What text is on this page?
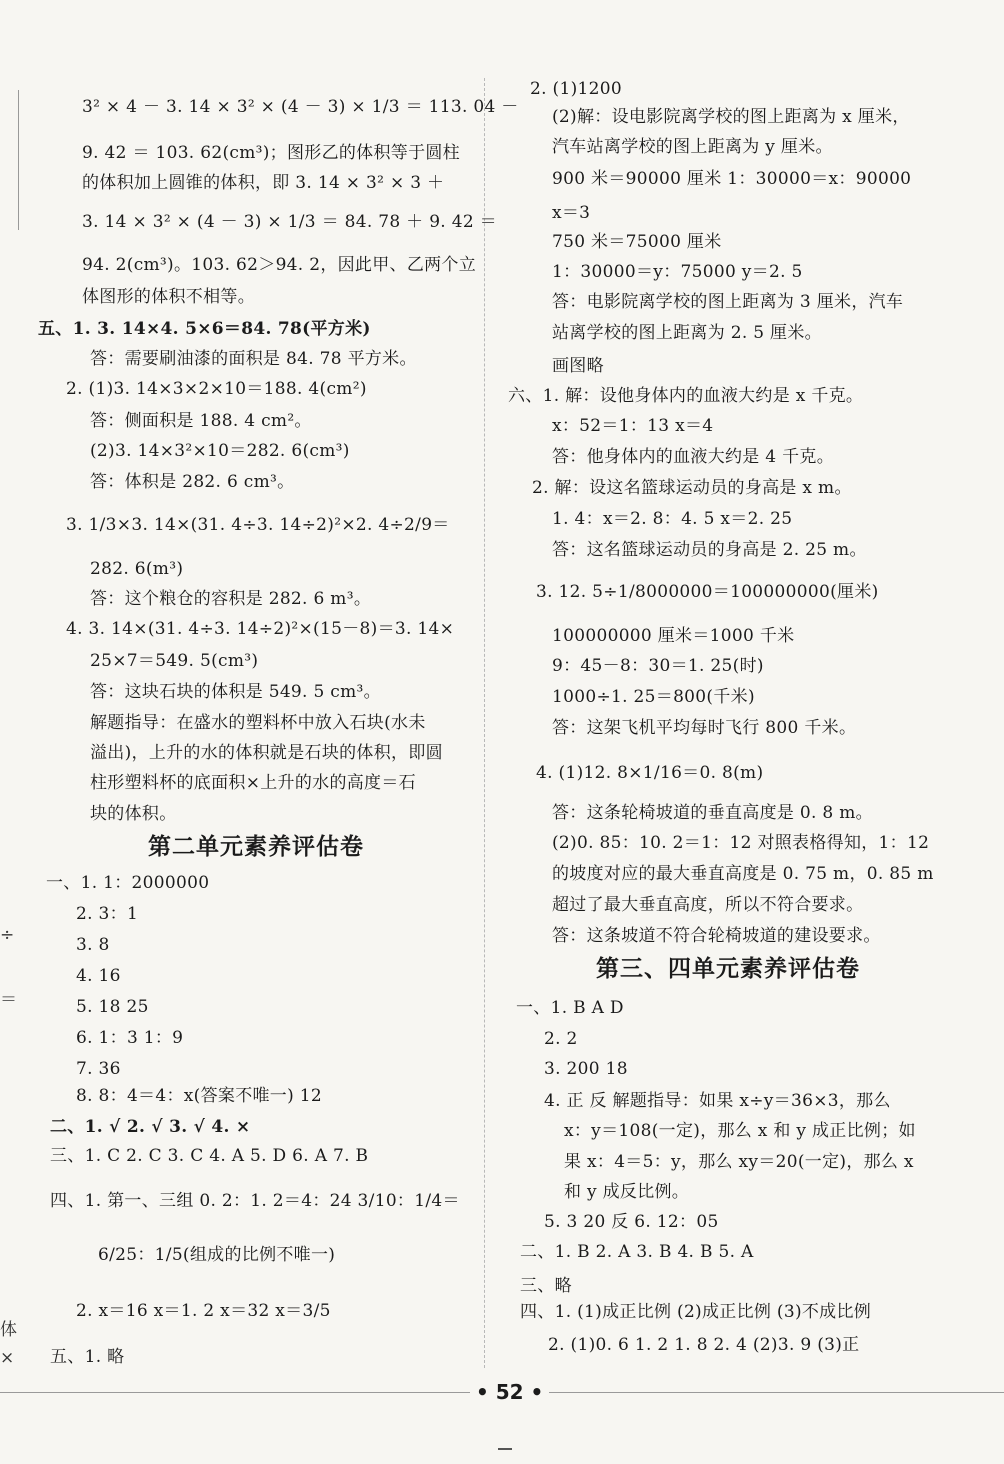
÷
＝
体
×
3² × 4 － 3. 14 × 3² × (4 － 3) × 1/3 ＝ 113. 04 －
9. 42 ＝ 103. 62(cm³)；图形乙的体积等于圆柱
的体积加上圆锥的体积，即 3. 14 × 3² × 3 ＋
3. 14 × 3² × (4 － 3) × 1/3 ＝ 84. 78 ＋ 9. 42 ＝
94. 2(cm³)。103. 62＞94. 2，因此甲、乙两个立
体图形的体积不相等。
五、1. 3. 14×4. 5×6＝84. 78(平方米)
答：需要刷油漆的面积是 84. 78 平方米。
2. (1)3. 14×3×2×10＝188. 4(cm²)
答：侧面积是 188. 4 cm²。
(2)3. 14×3²×10＝282. 6(cm³)
答：体积是 282. 6 cm³。
3. 1/3×3. 14×(31. 4÷3. 14÷2)²×2. 4÷2/9＝
282. 6(m³)
答：这个粮仓的容积是 282. 6 m³。
4. 3. 14×(31. 4÷3. 14÷2)²×(15－8)＝3. 14×
25×7＝549. 5(cm³)
答：这块石块的体积是 549. 5 cm³。
解题指导：在盛水的塑料杯中放入石块(水未
溢出)，上升的水的体积就是石块的体积，即圆
柱形塑料杯的底面积×上升的水的高度＝石
块的体积。
第二单元素养评估卷
一、1. 1：2000000
2. 3：1
3. 8
4. 16
5. 18 25
6. 1：3 1：9
7. 36
8. 8：4＝4：x(答案不唯一) 12
二、1. √ 2. √ 3. √ 4. ×
三、1. C 2. C 3. C 4. A 5. D 6. A 7. B
四、1. 第一、三组 0. 2：1. 2＝4：24 3/10：1/4＝
6/25：1/5(组成的比例不唯一)
2. x＝16 x＝1. 2 x＝32 x＝3/5
五、1. 略
2. (1)1200
(2)解：设电影院离学校的图上距离为 x 厘米，
汽车站离学校的图上距离为 y 厘米。
900 米＝90000 厘米 1：30000＝x：90000
x＝3
750 米＝75000 厘米
1：30000＝y：75000 y＝2. 5
答：电影院离学校的图上距离为 3 厘米，汽车
站离学校的图上距离为 2. 5 厘米。
画图略
六、1. 解：设他身体内的血液大约是 x 千克。
x：52＝1：13 x＝4
答：他身体内的血液大约是 4 千克。
2. 解：设这名篮球运动员的身高是 x m。
1. 4：x＝2. 8：4. 5 x＝2. 25
答：这名篮球运动员的身高是 2. 25 m。
3. 12. 5÷1/8000000＝100000000(厘米)
100000000 厘米＝1000 千米
9：45－8：30＝1. 25(时)
1000÷1. 25＝800(千米)
答：这架飞机平均每时飞行 800 千米。
4. (1)12. 8×1/16＝0. 8(m)
答：这条轮椅坡道的垂直高度是 0. 8 m。
(2)0. 85：10. 2＝1：12 对照表格得知，1：12
的坡度对应的最大垂直高度是 0. 75 m，0. 85 m
超过了最大垂直高度，所以不符合要求。
答：这条坡道不符合轮椅坡道的建设要求。
第三、四单元素养评估卷
一、1. B A D
2. 2
3. 200 18
4. 正 反 解题指导：如果 x÷y＝36×3，那么
x：y＝108(一定)，那么 x 和 y 成正比例；如
果 x：4＝5：y，那么 xy＝20(一定)，那么 x
和 y 成反比例。
5. 3 20 反 6. 12：05
二、1. B 2. A 3. B 4. B 5. A
三、略
四、1. (1)成正比例 (2)成正比例 (3)不成比例
2. (1)0. 6 1. 2 1. 8 2. 4 (2)3. 9 (3)正
• 52 •
